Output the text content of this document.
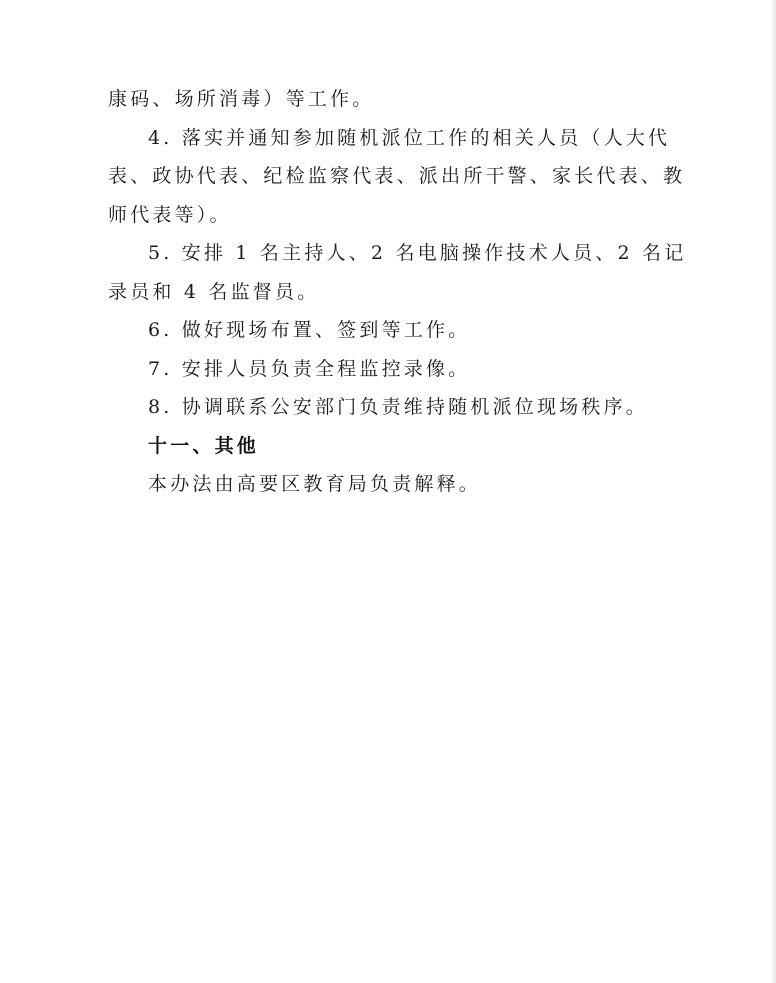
康码、场所消毒）等工作。

4. 落实并通知参加随机派位工作的相关人员（人大代表、政协代表、纪检监察代表、派出所干警、家长代表、教师代表等）。

5. 安排 1 名主持人、2 名电脑操作技术人员、2 名记录员和 4 名监督员。

6. 做好现场布置、签到等工作。

7. 安排人员负责全程监控录像。

8. 协调联系公安部门负责维持随机派位现场秩序。

十一、其他

本办法由高要区教育局负责解释。
